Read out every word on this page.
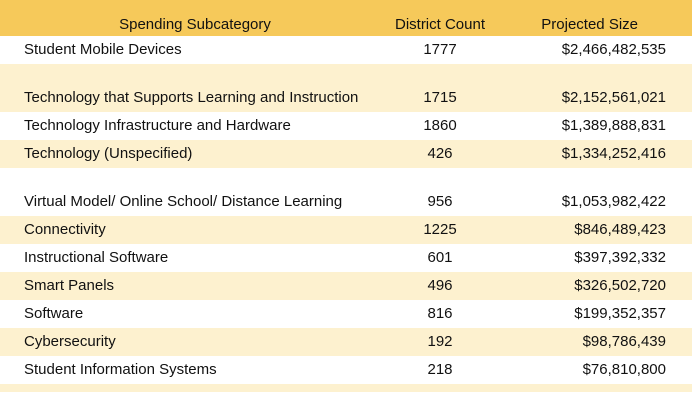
Spending Subcategory	District Count	Projected Size
Student Mobile Devices	1777	$2,466,482,535
Technology that Supports Learning and Instruction	1715	$2,152,561,021
Technology Infrastructure and Hardware	1860	$1,389,888,831
Technology (Unspecified)	426	$1,334,252,416
Virtual Model/ Online School/ Distance Learning	956	$1,053,982,422
Connectivity	1225	$846,489,423
Instructional Software	601	$397,392,332
Smart Panels	496	$326,502,720
Software	816	$199,352,357
Cybersecurity	192	$98,786,439
Student Information Systems	218	$76,810,800
